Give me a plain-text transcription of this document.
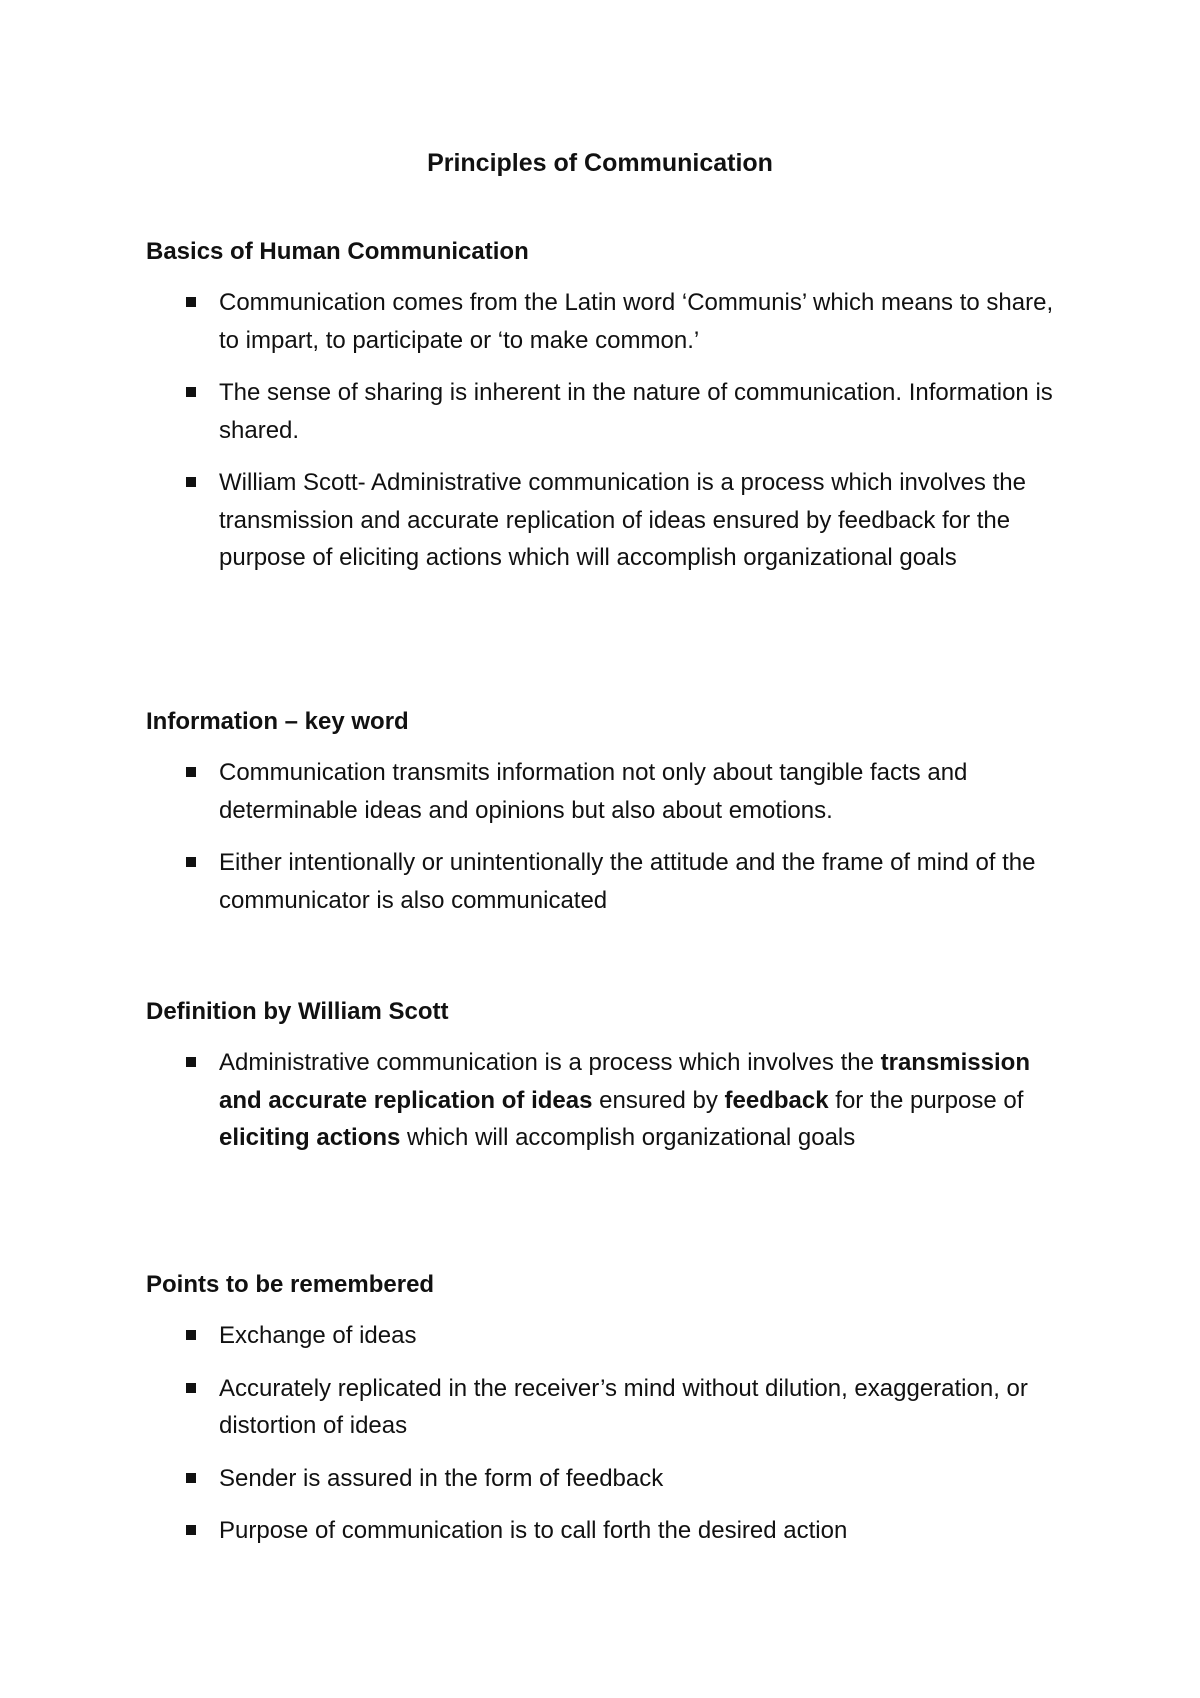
Principles of Communication
Basics of Human Communication
Communication comes from the Latin word ‘Communis’ which means to share, to impart, to participate or ‘to make common.’
The sense of sharing is inherent in the nature of communication. Information is shared.
William Scott- Administrative communication is a process which involves the transmission and accurate replication of ideas ensured by feedback for the purpose of eliciting actions which will accomplish organizational goals
Information – key word
Communication transmits information not only about tangible facts and determinable ideas and opinions but also about emotions.
Either intentionally or unintentionally the attitude and the frame of mind of the communicator is also communicated
Definition by William Scott
Administrative communication is a process which involves the transmission and accurate replication of ideas ensured by feedback for the purpose of eliciting actions which will accomplish organizational goals
Points to be remembered
Exchange of ideas
Accurately replicated in the receiver’s mind without dilution, exaggeration, or distortion of ideas
Sender is assured in the form of feedback
Purpose of communication is to call forth the desired action
